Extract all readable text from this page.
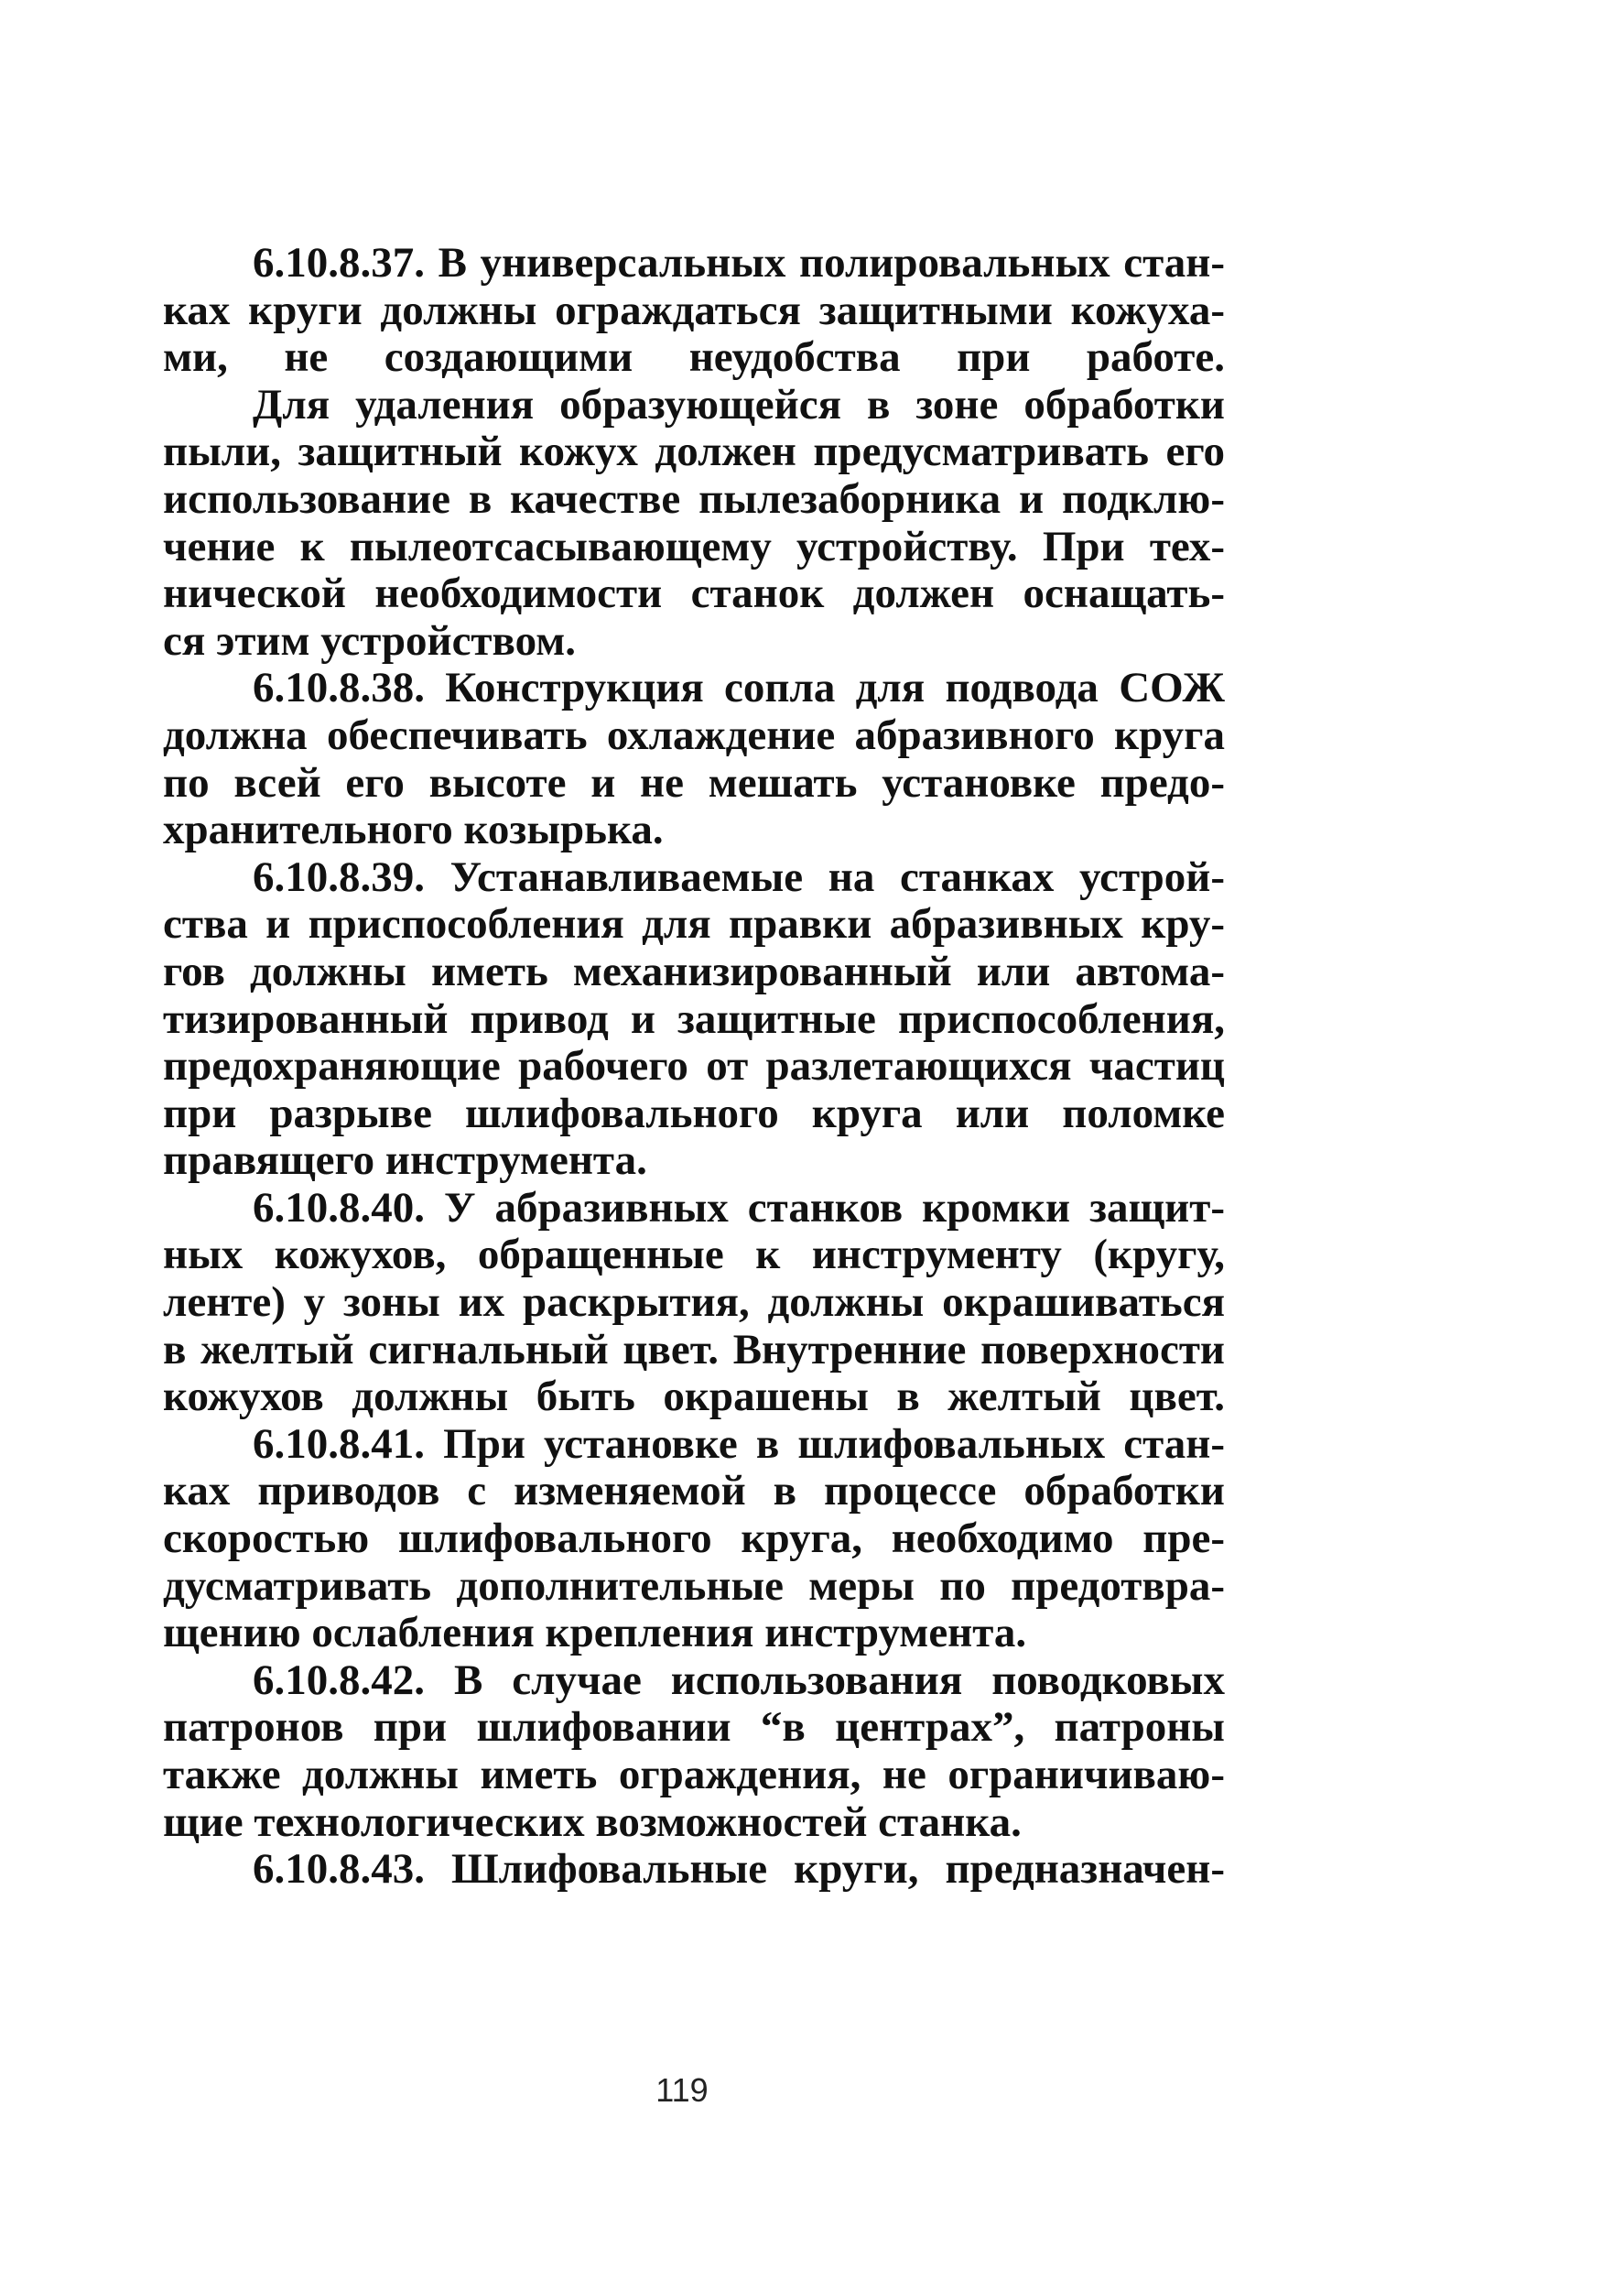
6.10.8.37. В универсальных полировальных стан-
ках круги должны ограждаться защитными кожуха-
ми, не создающими неудобства при работе.
Для удаления образующейся в зоне обработки
пыли, защитный кожух должен предусматривать его
использование в качестве пылезаборника и подклю-
чение к пылеотсасывающему устройству. При тех-
нической необходимости станок должен оснащать-
ся этим устройством.
6.10.8.38. Конструкция сопла для подвода СОЖ
должна обеспечивать охлаждение абразивного круга
по всей его высоте и не мешать установке предо-
хранительного козырька.
6.10.8.39. Устанавливаемые на станках устрой-
ства и приспособления для правки абразивных кру-
гов должны иметь механизированный или автома-
тизированный привод и защитные приспособления,
предохраняющие рабочего от разлетающихся частиц
при разрыве шлифовального круга или поломке
правящего инструмента.
6.10.8.40. У абразивных станков кромки защит-
ных кожухов, обращенные к инструменту (кругу,
ленте) у зоны их раскрытия, должны окрашиваться
в желтый сигнальный цвет. Внутренние поверхности
кожухов должны быть окрашены в желтый цвет.
6.10.8.41. При установке в шлифовальных стан-
ках приводов с изменяемой в процессе обработки
скоростью шлифовального круга, необходимо пре-
дусматривать дополнительные меры по предотвра-
щению ослабления крепления инструмента.
6.10.8.42. В случае использования поводковых
патронов при шлифовании “в центрах”, патроны
также должны иметь ограждения, не ограничиваю-
щие технологических возможностей станка.
6.10.8.43. Шлифовальные круги, предназначен-
119
